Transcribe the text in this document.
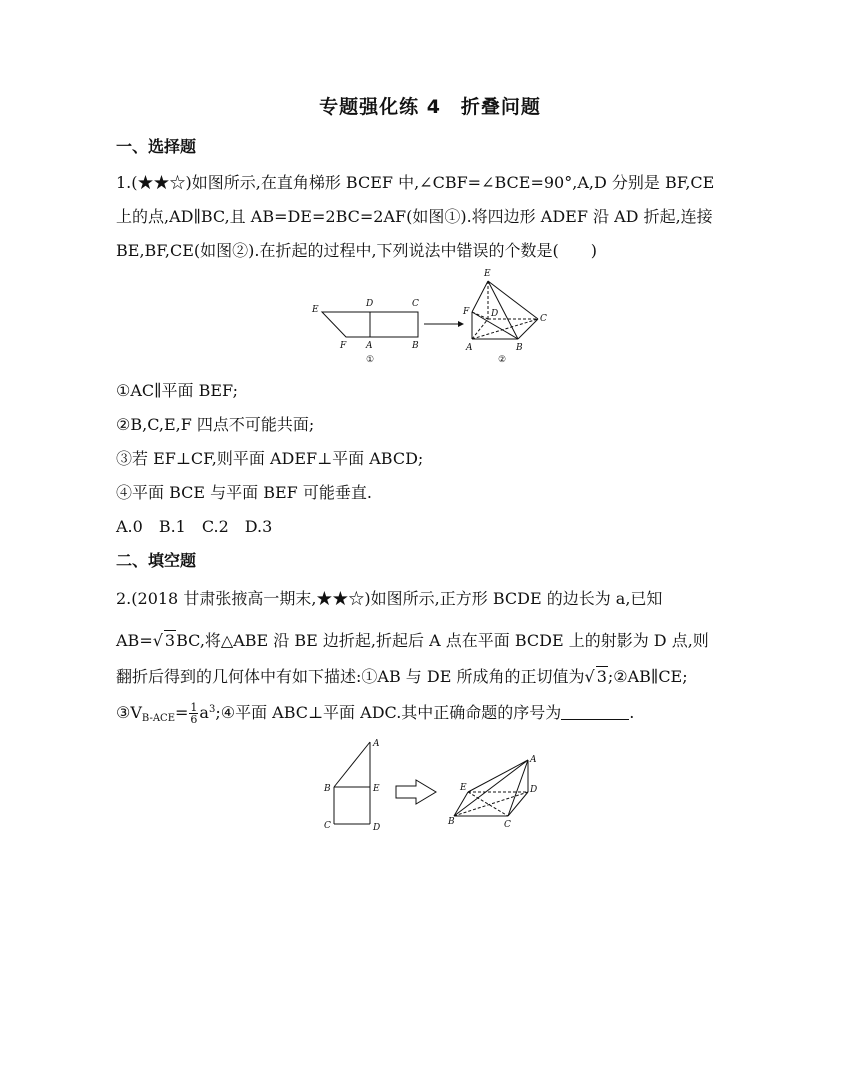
专题强化练 4　折叠问题
一、选择题
1.(★★☆)如图所示,在直角梯形 BCEF 中,∠CBF=∠BCE=90°,A,D 分别是 BF,CE
上的点,AD∥BC,且 AB=DE=2BC=2AF(如图①).将四边形 ADEF 沿 AD 折起,连接
BE,BF,CE(如图②).在折起的过程中,下列说法中错误的个数是(　　)
E
D	C
F A	B
①
E
F D	C
A	B
②
①AC∥平面 BEF;
②B,C,E,F 四点不可能共面;
③若 EF⊥CF,则平面 ADEF⊥平面 ABCD;
④平面 BCE 与平面 BEF 可能垂直.
A.0　B.1　C.2　D.3
二、填空题
2.(2018 甘肃张掖高一期末,★★☆)如图所示,正方形 BCDE 的边长为 a,已知
AB=√ 3BC,将△ABE 沿 BE 边折起,折起后 A 点在平面 BCDE 上的射影为 D 点,则
翻折后得到的几何体中有如下描述:①AB 与 DE 所成角的正切值为√ 3;②AB∥CE;
$③V_{B-ACE}= \frac{1}{6}$ $a^3;④$平面 ABC⊥平面 ADC.其中正确命题的序号为	.
A
B	E
C	D
A
E	D
B	C
